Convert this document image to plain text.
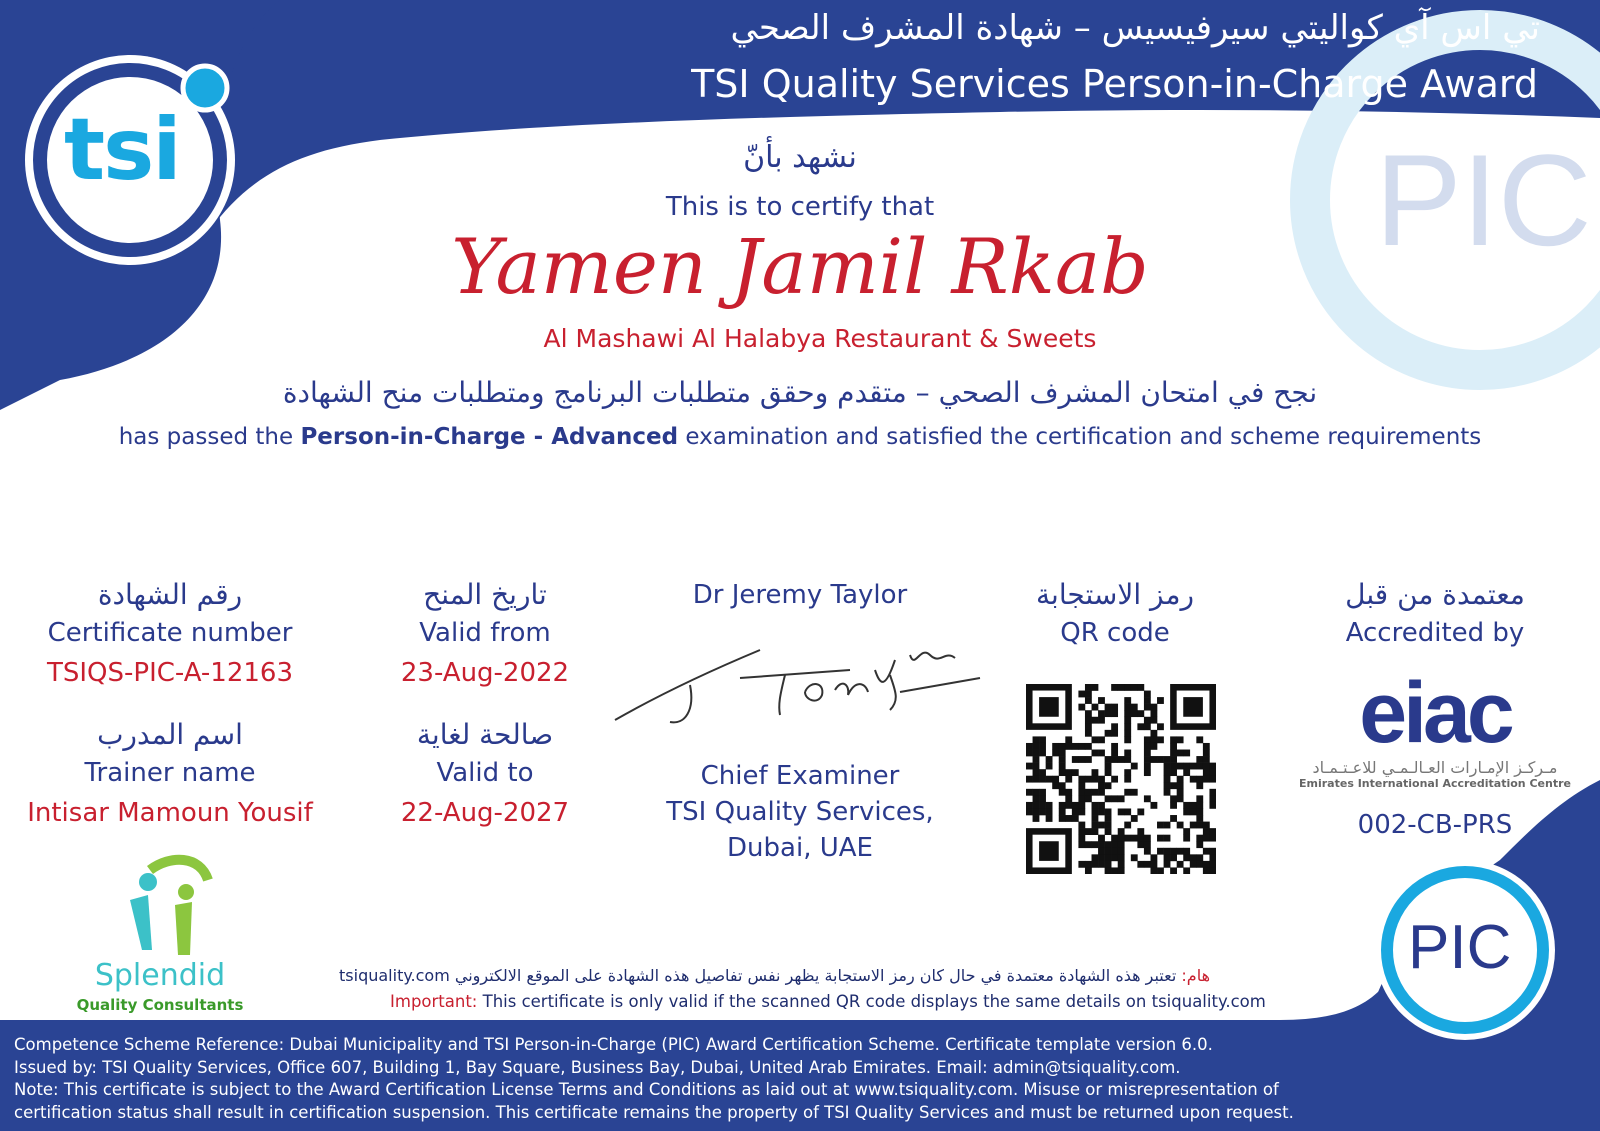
تي اس آي كواليتي سيرفيسيس – شهادة المشرف الصحي
TSI Quality Services Person-in-Charge Award
tsi	PIC
نشهد بأنّ
This is to certify that
Yamen Jamil Rkab
Al Mashawi Al Halabya Restaurant & Sweets
نجح في امتحان المشرف الصحي – متقدم وحقق متطلبات البرنامج ومتطلبات منح الشهادة
has passed the Person-in-Charge - Advanced examination and satisfied the certification and scheme requirements
رقم الشهادة
Certificate number
TSIQS-PIC-A-12163
اسم المدرب
Trainer name
Intisar Mamoun Yousif
تاريخ المنح
Valid from
23-Aug-2022
صالحة لغاية
Valid to
22-Aug-2027
Dr Jeremy Taylor
Chief Examiner
TSI Quality Services,
Dubai, UAE
رمز الاستجابة
QR code
معتمدة من قبل
Accredited by
eiac
مـركـز الإمـارات العـالـمـي للاعـتـمـاد
Emirates International Accreditation Centre
002-CB-PRS
Splendid
Quality Consultants
هام: تعتبر هذه الشهادة معتمدة في حال كان رمز الاستجابة يظهر نفس تفاصيل هذه الشهادة على الموقع الالكتروني tsiquality.com
Important: This certificate is only valid if the scanned QR code displays the same details on tsiquality.com
PIC
Competence Scheme Reference: Dubai Municipality and TSI Person-in-Charge (PIC) Award Certification Scheme. Certificate template version 6.0.
Issued by: TSI Quality Services, Office 607, Building 1, Bay Square, Business Bay, Dubai, United Arab Emirates. Email: admin@tsiquality.com.
Note: This certificate is subject to the Award Certification License Terms and Conditions as laid out at www.tsiquality.com. Misuse or misrepresentation of
certification status shall result in certification suspension. This certificate remains the property of TSI Quality Services and must be returned upon request.
